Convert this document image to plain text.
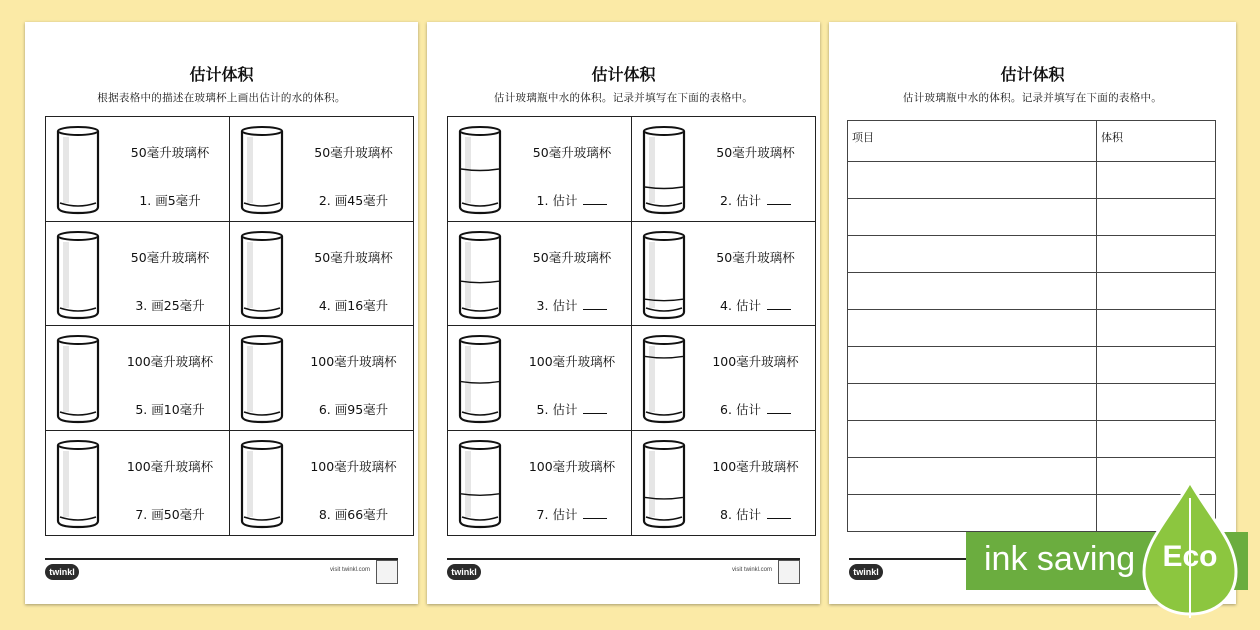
估计体积
根据表格中的描述在玻璃杯上画出估计的水的体积。
50毫升玻璃杯
1. 画5毫升
50毫升玻璃杯
2. 画45毫升
50毫升玻璃杯
3. 画25毫升
50毫升玻璃杯
4. 画16毫升
100毫升玻璃杯
5. 画10毫升
100毫升玻璃杯
6. 画95毫升
100毫升玻璃杯
7. 画50毫升
100毫升玻璃杯
8. 画66毫升
twinkl	visit twinkl.com
估计体积
估计玻璃瓶中水的体积。记录并填写在下面的表格中。
50毫升玻璃杯
1. 估计
50毫升玻璃杯
2. 估计
50毫升玻璃杯
3. 估计
50毫升玻璃杯
4. 估计
100毫升玻璃杯
5. 估计
100毫升玻璃杯
6. 估计
100毫升玻璃杯
7. 估计
100毫升玻璃杯
8. 估计
twinkl	visit twinkl.com
估计体积
估计玻璃瓶中水的体积。记录并填写在下面的表格中。
项目	体积

twinkl	ink saving Eco
